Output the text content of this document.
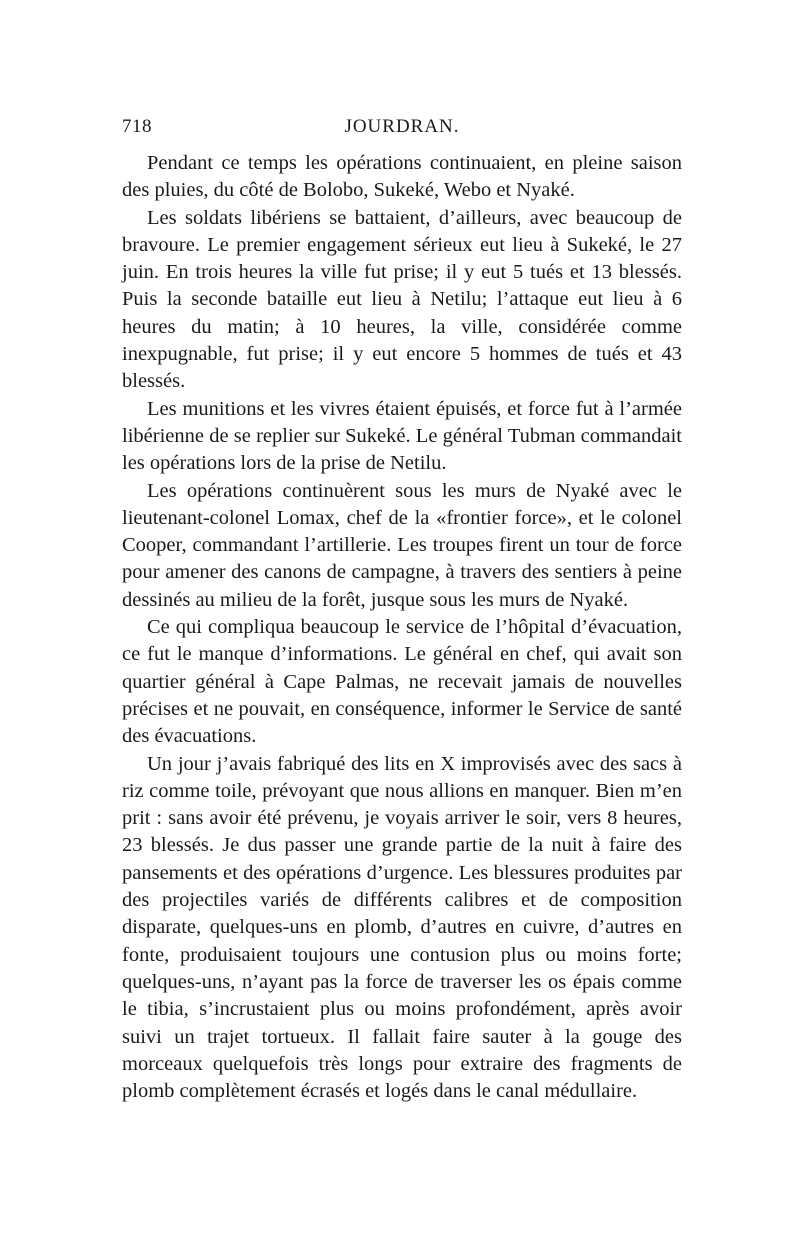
718	JOURDRAN.

Pendant ce temps les opérations continuaient, en pleine saison des pluies, du côté de Bolobo, Sukeké, Webo et Nyaké.

Les soldats libériens se battaient, d’ailleurs, avec beaucoup de bravoure. Le premier engagement sérieux eut lieu à Sukeké, le 27 juin. En trois heures la ville fut prise; il y eut 5 tués et 13 blessés. Puis la seconde bataille eut lieu à Netilu; l’attaque eut lieu à 6 heures du matin; à 10 heures, la ville, considérée comme inexpugnable, fut prise; il y eut encore 5 hommes de tués et 43 blessés.

Les munitions et les vivres étaient épuisés, et force fut à l’armée libérienne de se replier sur Sukeké. Le général Tubman commandait les opérations lors de la prise de Netilu.

Les opérations continuèrent sous les murs de Nyaké avec le lieutenant-colonel Lomax, chef de la «frontier force», et le colonel Cooper, commandant l’artillerie. Les troupes firent un tour de force pour amener des canons de campagne, à travers des sentiers à peine dessinés au milieu de la forêt, jusque sous les murs de Nyaké.

Ce qui compliqua beaucoup le service de l’hôpital d’évacuation, ce fut le manque d’informations. Le général en chef, qui avait son quartier général à Cape Palmas, ne recevait jamais de nouvelles précises et ne pouvait, en conséquence, informer le Service de santé des évacuations.

Un jour j’avais fabriqué des lits en X improvisés avec des sacs à riz comme toile, prévoyant que nous allions en manquer. Bien m’en prit : sans avoir été prévenu, je voyais arriver le soir, vers 8 heures, 23 blessés. Je dus passer une grande partie de la nuit à faire des pansements et des opérations d’urgence. Les blessures produites par des projectiles variés de différents calibres et de composition disparate, quelques-uns en plomb, d’autres en cuivre, d’autres en fonte, produisaient toujours une contusion plus ou moins forte; quelques-uns, n’ayant pas la force de traverser les os épais comme le tibia, s’incrustaient plus ou moins profondément, après avoir suivi un trajet tortueux. Il fallait faire sauter à la gouge des morceaux quelquefois très longs pour extraire des fragments de plomb complètement écrasés et logés dans le canal médullaire.
